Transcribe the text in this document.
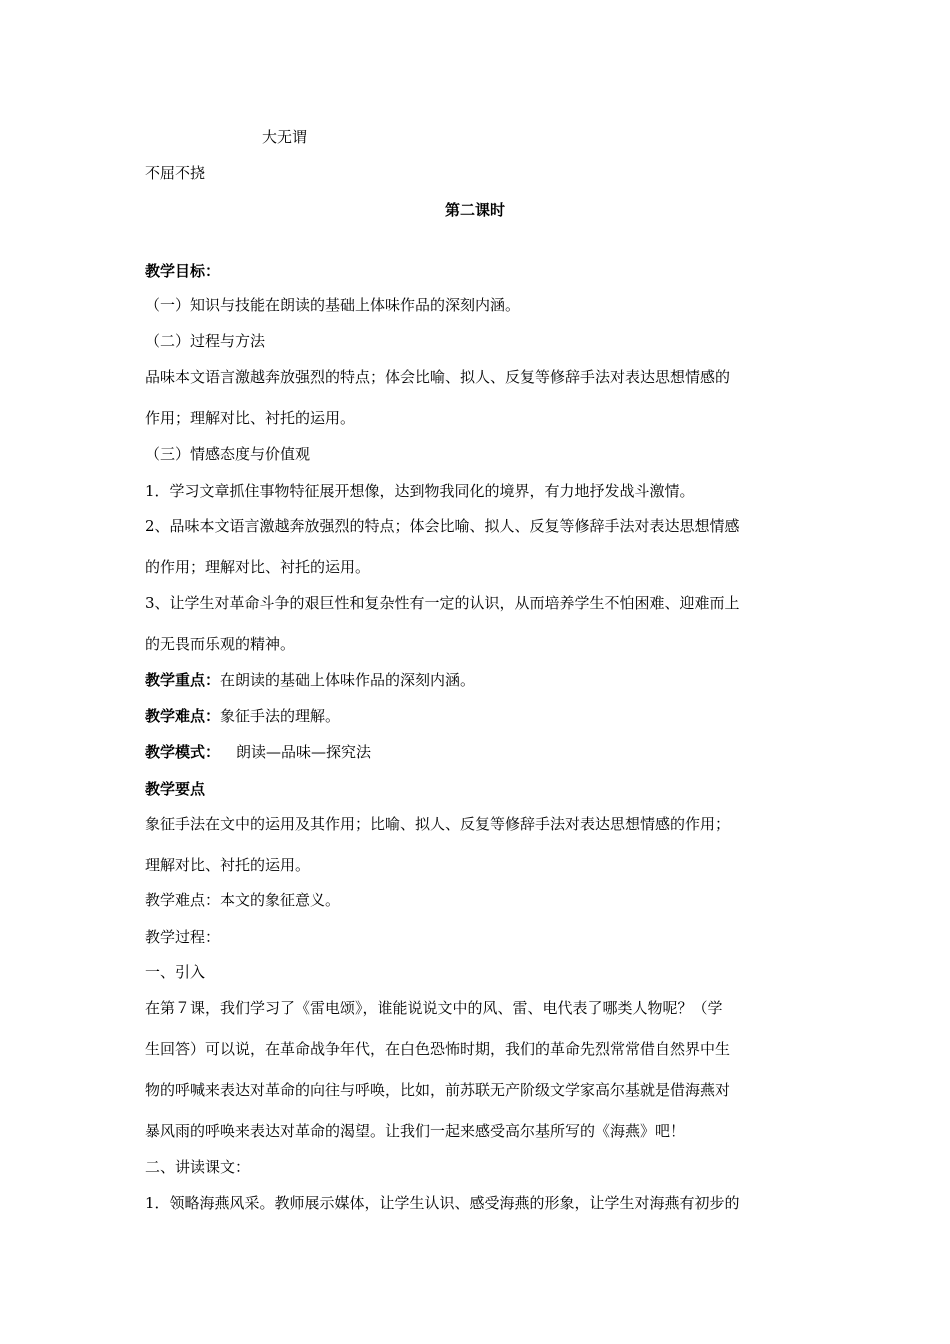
大无谓
不屈不挠
第二课时
教学目标：
（一）知识与技能在朗读的基础上体味作品的深刻内涵。
（二）过程与方法
品味本文语言激越奔放强烈的特点；体会比喻、拟人、反复等修辞手法对表达思想情感的
作用；理解对比、衬托的运用。
（三）情感态度与价值观
1．学习文章抓住事物特征展开想像，达到物我同化的境界，有力地抒发战斗激情。
2、品味本文语言激越奔放强烈的特点；体会比喻、拟人、反复等修辞手法对表达思想情感
的作用；理解对比、衬托的运用。
3、让学生对革命斗争的艰巨性和复杂性有一定的认识，从而培养学生不怕困难、迎难而上
的无畏而乐观的精神。
教学重点：在朗读的基础上体味作品的深刻内涵。
教学难点：象征手法的理解。
教学模式： 朗读—品味—探究法
教学要点
象征手法在文中的运用及其作用；比喻、拟人、反复等修辞手法对表达思想情感的作用；
理解对比、衬托的运用。
教学难点：本文的象征意义。
教学过程：
一、引入
在第７课，我们学习了《雷电颂》，谁能说说文中的风、雷、电代表了哪类人物呢？（学
生回答）可以说，在革命战争年代，在白色恐怖时期，我们的革命先烈常常借自然界中生
物的呼喊来表达对革命的向往与呼唤，比如，前苏联无产阶级文学家高尔基就是借海燕对
暴风雨的呼唤来表达对革命的渴望。让我们一起来感受高尔基所写的《海燕》吧！
二、讲读课文：
1．领略海燕风采。教师展示媒体，让学生认识、感受海燕的形象，让学生对海燕有初步的
